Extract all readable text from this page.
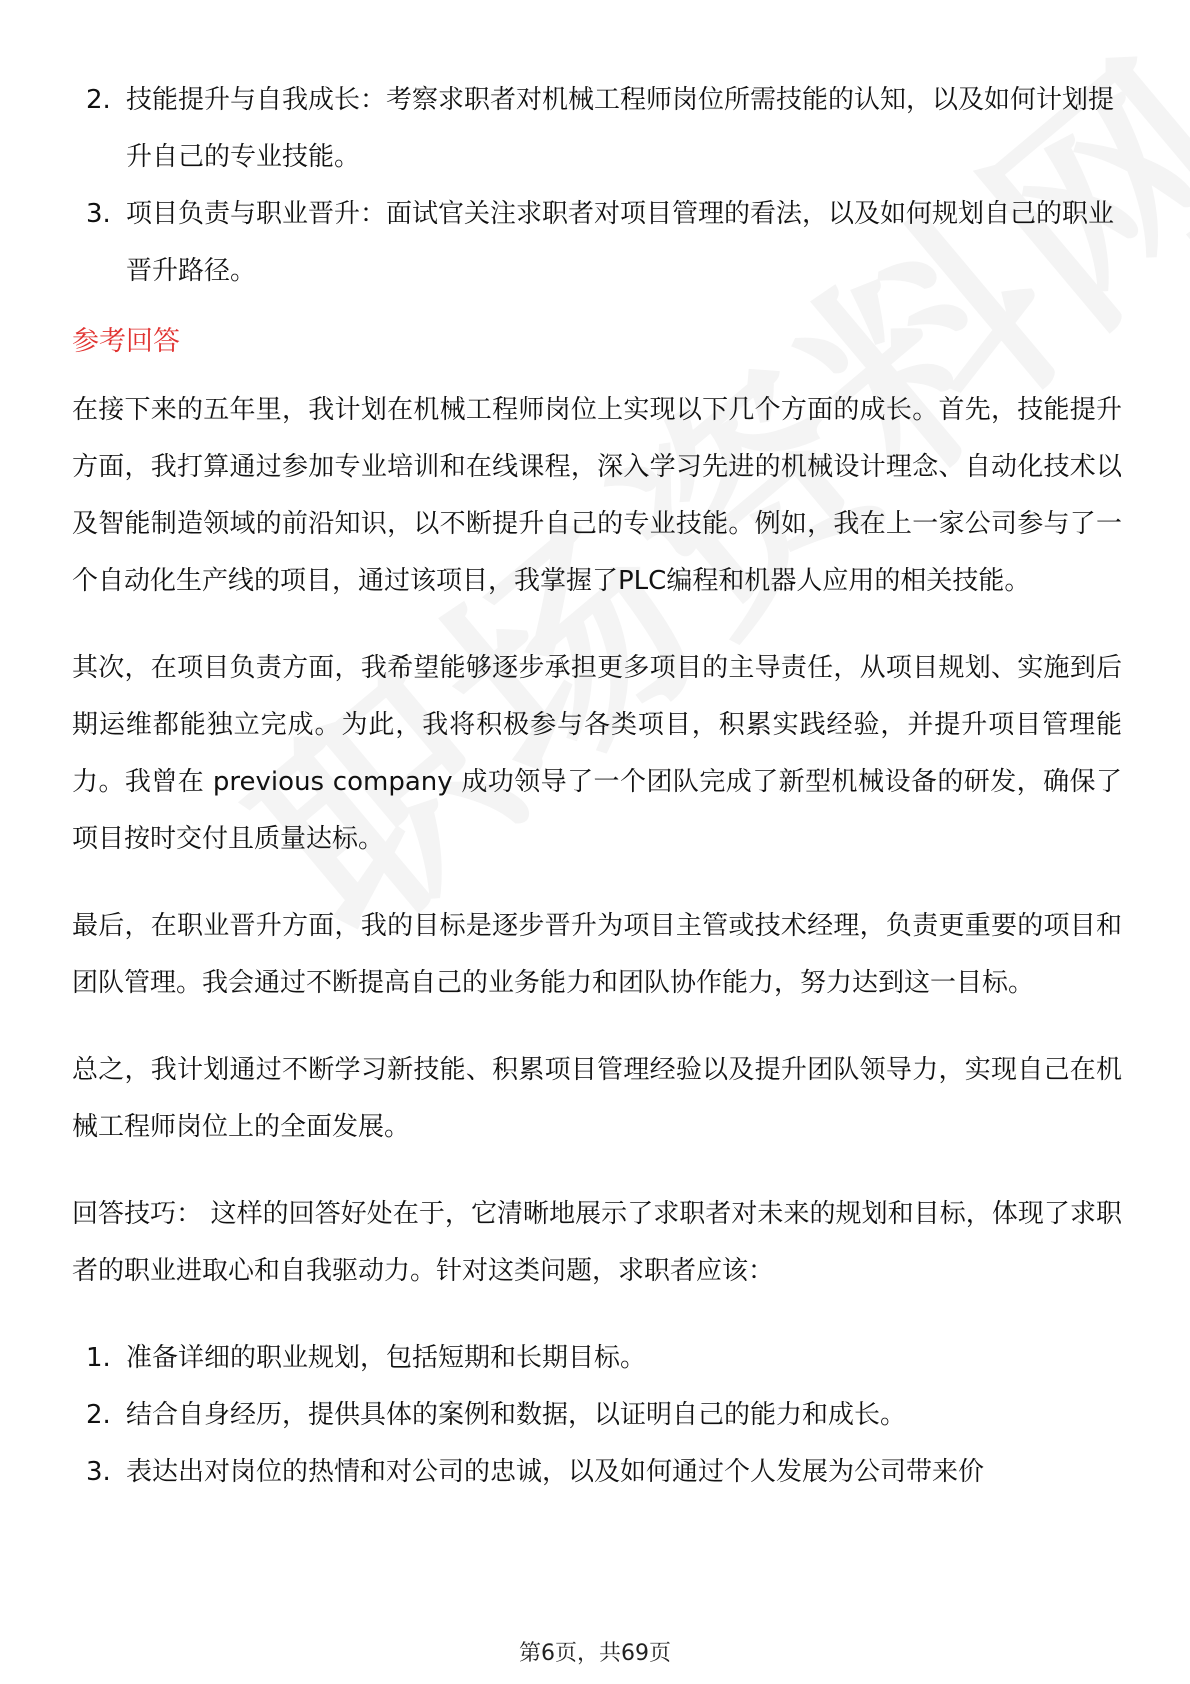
2. 技能提升与自我成长：考察求职者对机械工程师岗位所需技能的认知，以及如何计划提升自己的专业技能。
3. 项目负责与职业晋升：面试官关注求职者对项目管理的看法，以及如何规划自己的职业晋升路径。
参考回答

在接下来的五年里，我计划在机械工程师岗位上实现以下几个方面的成长。首先，技能提升方面，我打算通过参加专业培训和在线课程，深入学习先进的机械设计理念、自动化技术以及智能制造领域的前沿知识，以不断提升自己的专业技能。例如，我在上一家公司参与了一个自动化生产线的项目，通过该项目，我掌握了PLC编程和机器人应用的相关技能。

其次，在项目负责方面，我希望能够逐步承担更多项目的主导责任，从项目规划、实施到后期运维都能独立完成。为此，我将积极参与各类项目，积累实践经验，并提升项目管理能力。我曾在 previous company 成功领导了一个团队完成了新型机械设备的研发，确保了项目按时交付且质量达标。

最后，在职业晋升方面，我的目标是逐步晋升为项目主管或技术经理，负责更重要的项目和团队管理。我会通过不断提高自己的业务能力和团队协作能力，努力达到这一目标。

总之，我计划通过不断学习新技能、积累项目管理经验以及提升团队领导力，实现自己在机械工程师岗位上的全面发展。

回答技巧： 这样的回答好处在于，它清晰地展示了求职者对未来的规划和目标，体现了求职者的职业进取心和自我驱动力。针对这类问题，求职者应该：

1. 准备详细的职业规划，包括短期和长期目标。
2. 结合自身经历，提供具体的案例和数据，以证明自己的能力和成长。
3. 表达出对岗位的热情和对公司的忠诚，以及如何通过个人发展为公司带来价
第6页，共69页
